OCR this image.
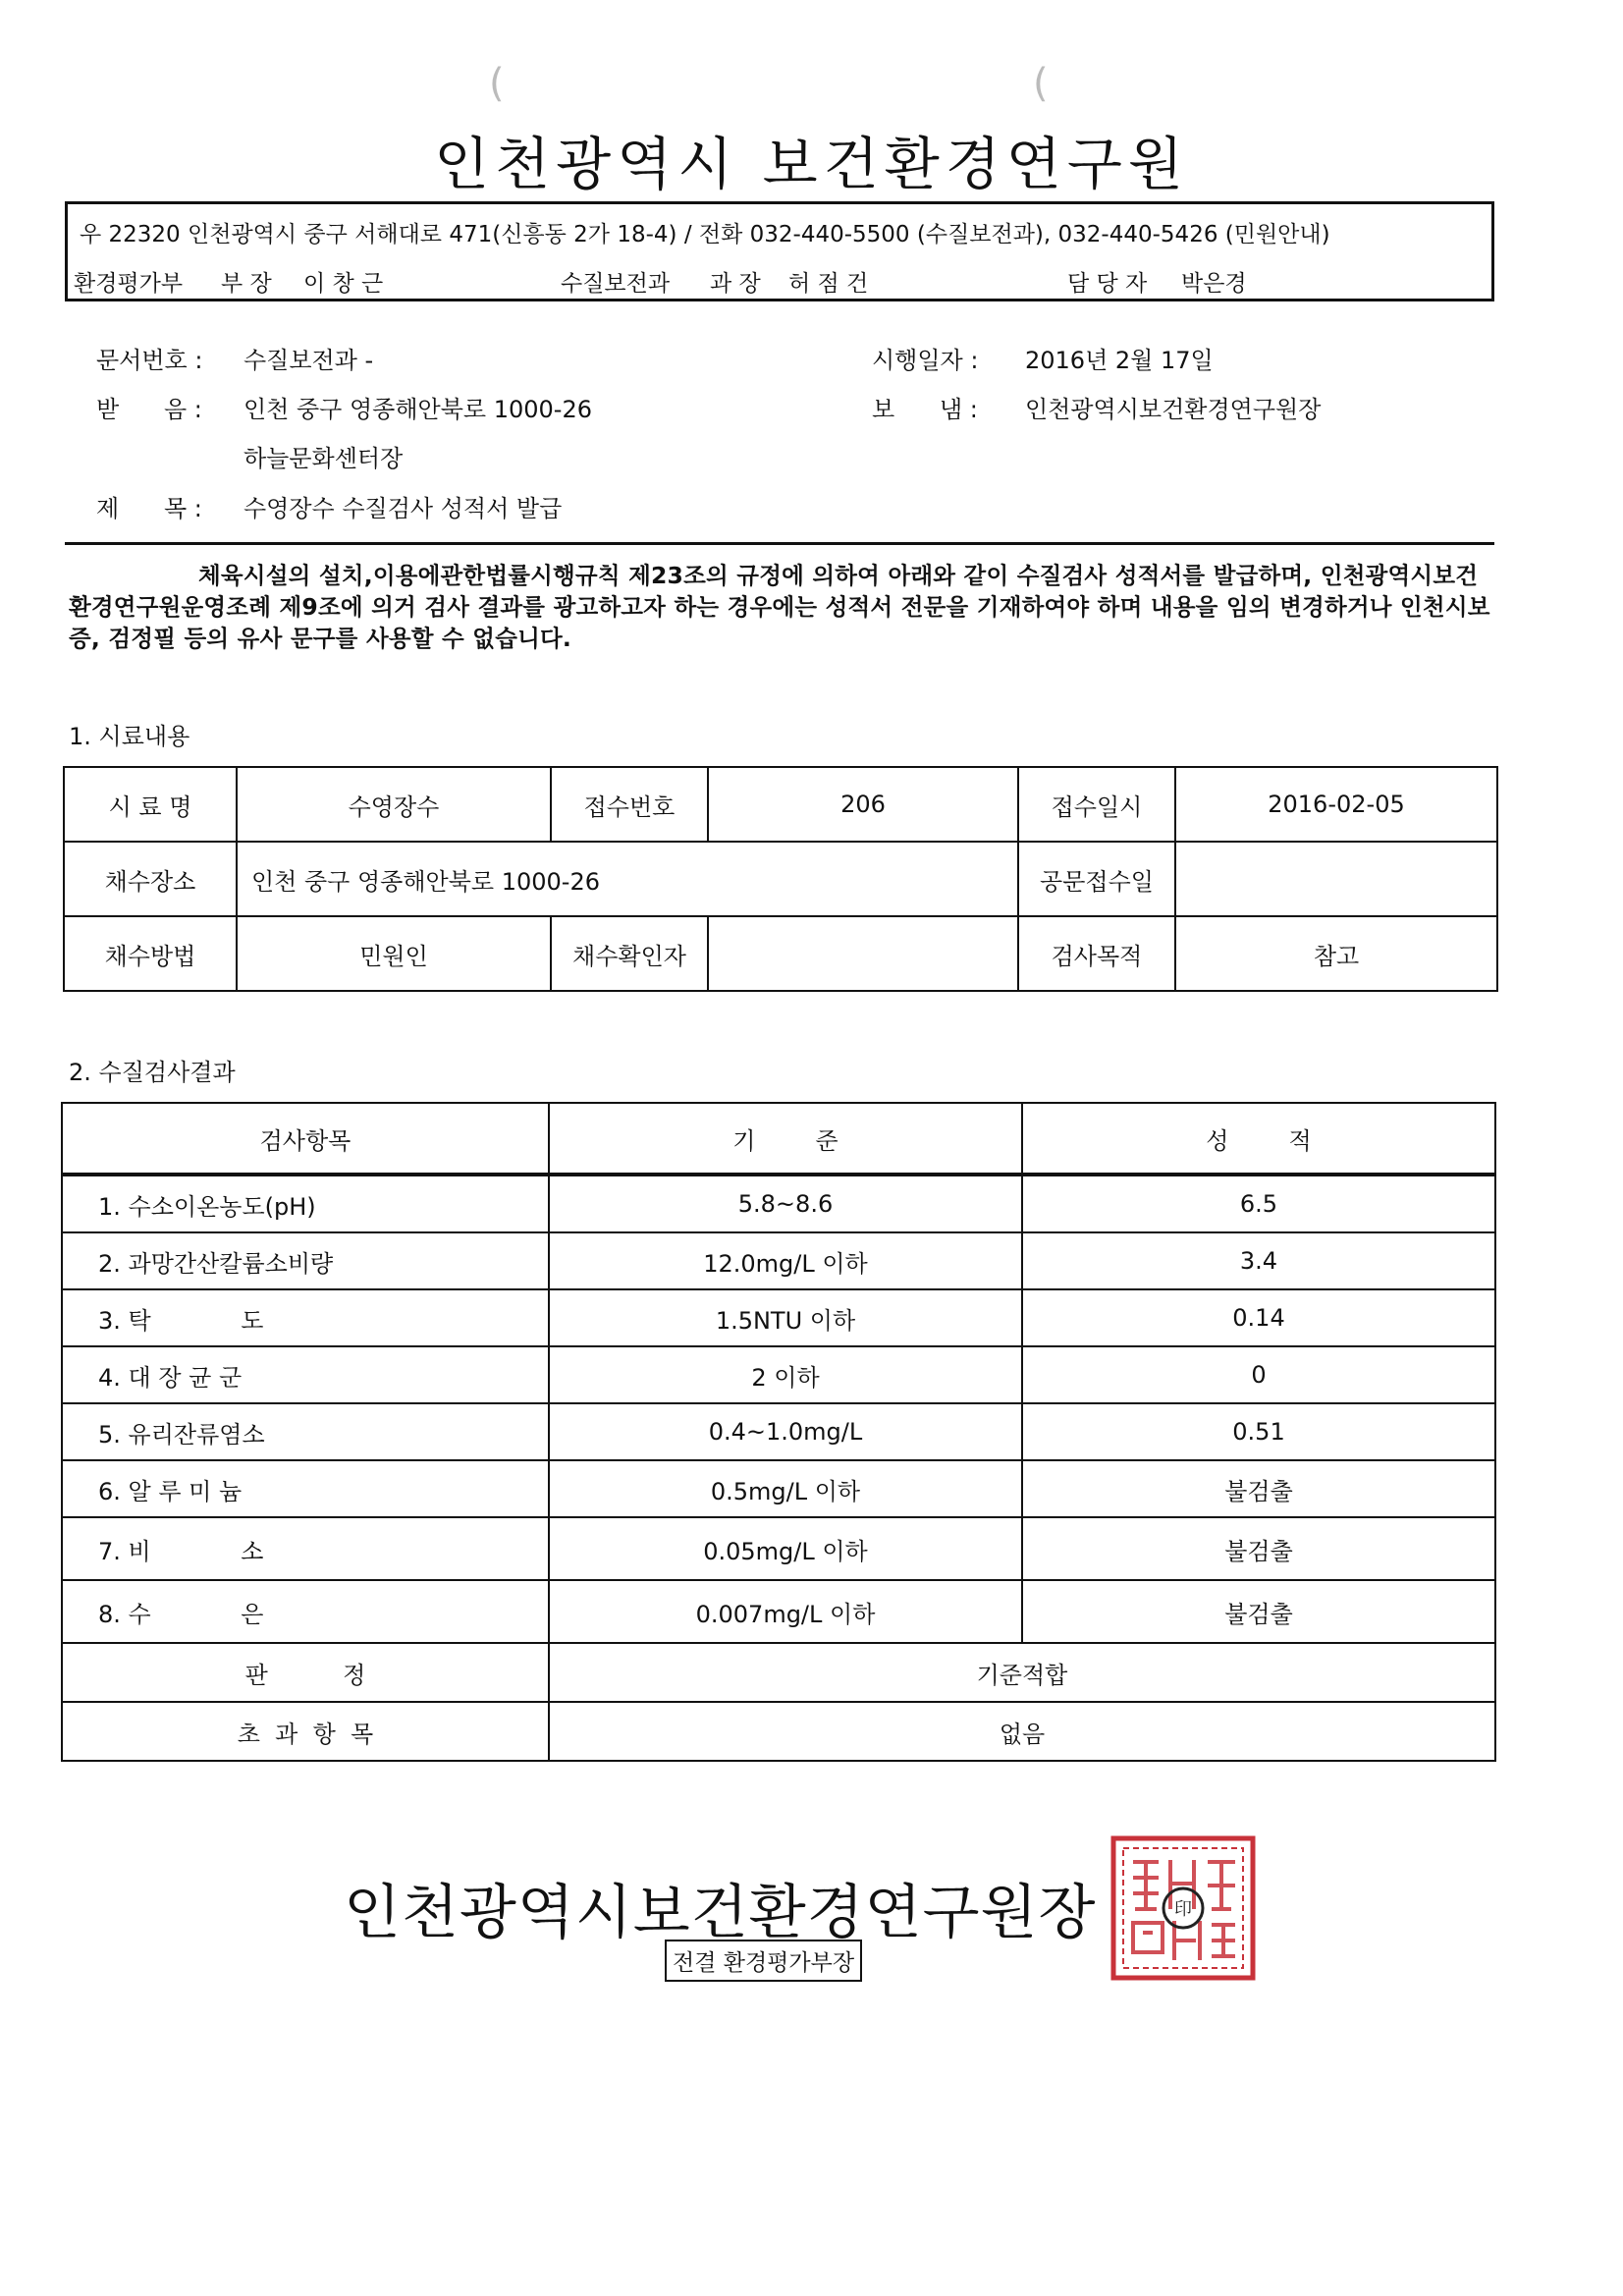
(	(
인천광역시 보건환경연구원
우 22320 인천광역시 중구 서해대로 471(신흥동 2가 18-4) / 전화 032-440-5500 (수질보전과), 032-440-5426 (민원안내)
환경평가부 부 장 이 창 근	수질보전과 과 장 허 점 건	담 당 자 박은경
문서번호 : 수질보전과 -	시행일자 : 2016년 2월 17일
받      음 : 인천 중구 영종해안북로 1000-26	보      냄 : 인천광역시보건환경연구원장
하늘문화센터장
제      목 : 수영장수 수질검사 성적서 발급
체육시설의 설치,이용에관한법률시행규칙 제23조의 규정에 의하여 아래와 같이 수질검사 성적서를 발급하며, 인천광역시보건환경연구원운영조례 제9조에 의거 검사 결과를 광고하고자 하는 경우에는 성적서 전문을 기재하여야 하며 내용을 임의 변경하거나 인천시보증, 검정필 등의 유사 문구를 사용할 수 없습니다.
1. 시료내용
시 료 명	수영장수	접수번호	206	접수일시	2016-02-05
채수장소	인천 중구 영종해안북로 1000-26			공문접수일	
채수방법	민원인	채수확인자		검사목적	참고
2. 수질검사결과
검사항목	기        준	성        적
1. 수소이온농도(pH)	5.8~8.6	6.5
2. 과망간산칼륨소비량	12.0mg/L 이하	3.4
3. 탁            도	1.5NTU 이하	0.14
4. 대 장 균 군	2 이하	0
5. 유리잔류염소	0.4~1.0mg/L	0.51
6. 알 루 미 늄	0.5mg/L 이하	불검출
7. 비            소	0.05mg/L 이하	불검출
8. 수            은	0.007mg/L 이하	불검출
판          정	기준적합	
초  과  항  목	없음	
인천광역시보건환경연구원장
전결 환경평가부장
印
